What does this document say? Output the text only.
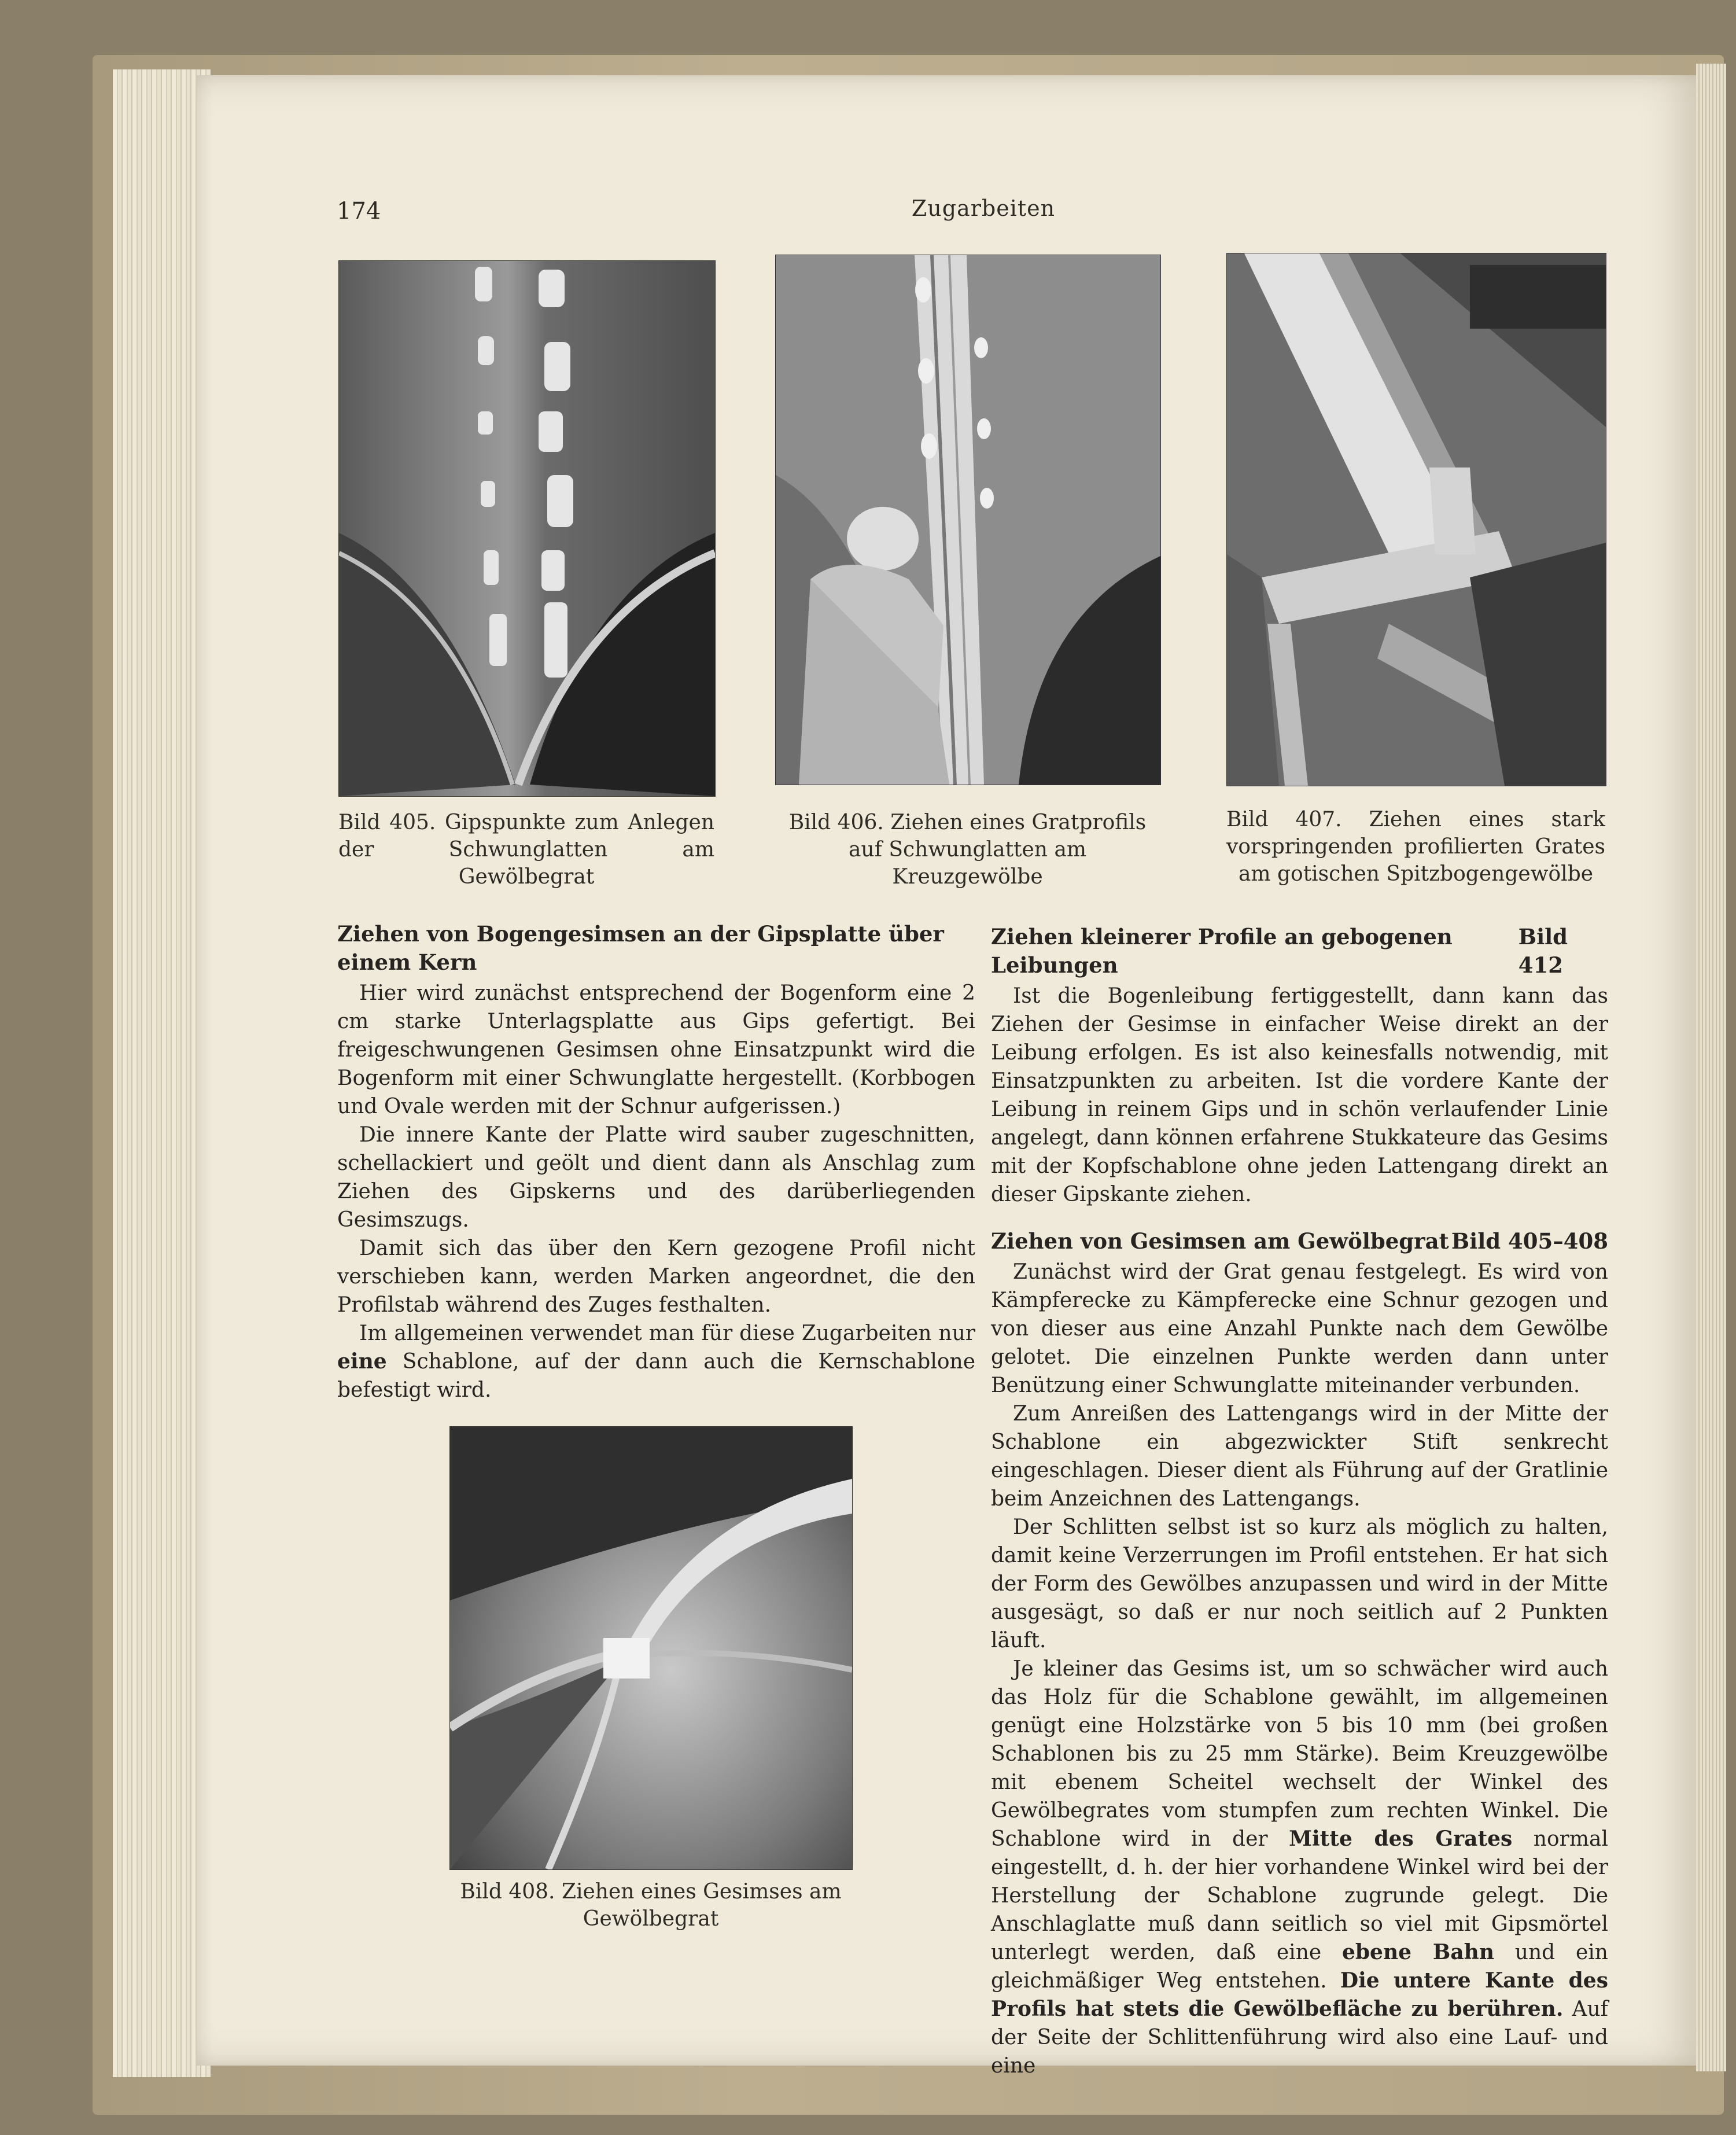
174	Zugarbeiten
Bild 405. Gipspunkte zum Anlegen der Schwunglatten am Gewölbegrat
Bild 406. Ziehen eines Gratprofils auf Schwunglatten am Kreuzgewölbe
Bild 407. Ziehen eines stark vorspringenden profilierten Grates am gotischen Spitzbogengewölbe
Ziehen von Bogengesimsen an der Gipsplatte über einem Kern

Hier wird zunächst entsprechend der Bogenform eine 2 cm starke Unterlagsplatte aus Gips gefertigt. Bei freigeschwungenen Gesimsen ohne Einsatzpunkt wird die Bogenform mit einer Schwunglatte hergestellt. (Korbbogen und Ovale werden mit der Schnur aufgerissen.)

Die innere Kante der Platte wird sauber zugeschnitten, schellackiert und geölt und dient dann als Anschlag zum Ziehen des Gipskerns und des darüberliegenden Gesimszugs.

Damit sich das über den Kern gezogene Profil nicht verschieben kann, werden Marken angeordnet, die den Profilstab während des Zuges festhalten.

Im allgemeinen verwendet man für diese Zugarbeiten nur eine Schablone, auf der dann auch die Kernschablone befestigt wird.

Bild 408. Ziehen eines Gesimses am Gewölbegrat
Ziehen kleinerer Profile an gebogenen Leibungen
Bild 412

Ist die Bogenleibung fertiggestellt, dann kann das Ziehen der Gesimse in einfacher Weise direkt an der Leibung erfolgen. Es ist also keinesfalls notwendig, mit Einsatzpunkten zu arbeiten. Ist die vordere Kante der Leibung in reinem Gips und in schön verlaufender Linie angelegt, dann können erfahrene Stukkateure das Gesims mit der Kopfschablone ohne jeden Lattengang direkt an dieser Gipskante ziehen.

Ziehen von Gesimsen am Gewölbegrat Bild 405–408

Zunächst wird der Grat genau festgelegt. Es wird von Kämpferecke zu Kämpferecke eine Schnur gezogen und von dieser aus eine Anzahl Punkte nach dem Gewölbe gelotet. Die einzelnen Punkte werden dann unter Benützung einer Schwunglatte miteinander verbunden.

Zum Anreißen des Lattengangs wird in der Mitte der Schablone ein abgezwickter Stift senkrecht eingeschlagen. Dieser dient als Führung auf der Gratlinie beim Anzeichnen des Lattengangs.

Der Schlitten selbst ist so kurz als möglich zu halten, damit keine Verzerrungen im Profil entstehen. Er hat sich der Form des Gewölbes anzupassen und wird in der Mitte ausgesägt, so daß er nur noch seitlich auf 2 Punkten läuft.

Je kleiner das Gesims ist, um so schwächer wird auch das Holz für die Schablone gewählt, im allgemeinen genügt eine Holzstärke von 5 bis 10 mm (bei großen Schablonen bis zu 25 mm Stärke). Beim Kreuzgewölbe mit ebenem Scheitel wechselt der Winkel des Gewölbegrates vom stumpfen zum rechten Winkel. Die Schablone wird in der Mitte des Grates normal eingestellt, d. h. der hier vorhandene Winkel wird bei der Herstellung der Schablone zugrunde gelegt. Die Anschlaglatte muß dann seitlich so viel mit Gipsmörtel unterlegt werden, daß eine ebene Bahn und ein gleichmäßiger Weg entstehen. Die untere Kante des Profils hat stets die Gewölbefläche zu berühren. Auf der Seite der Schlittenführung wird also eine Lauf- und eine
